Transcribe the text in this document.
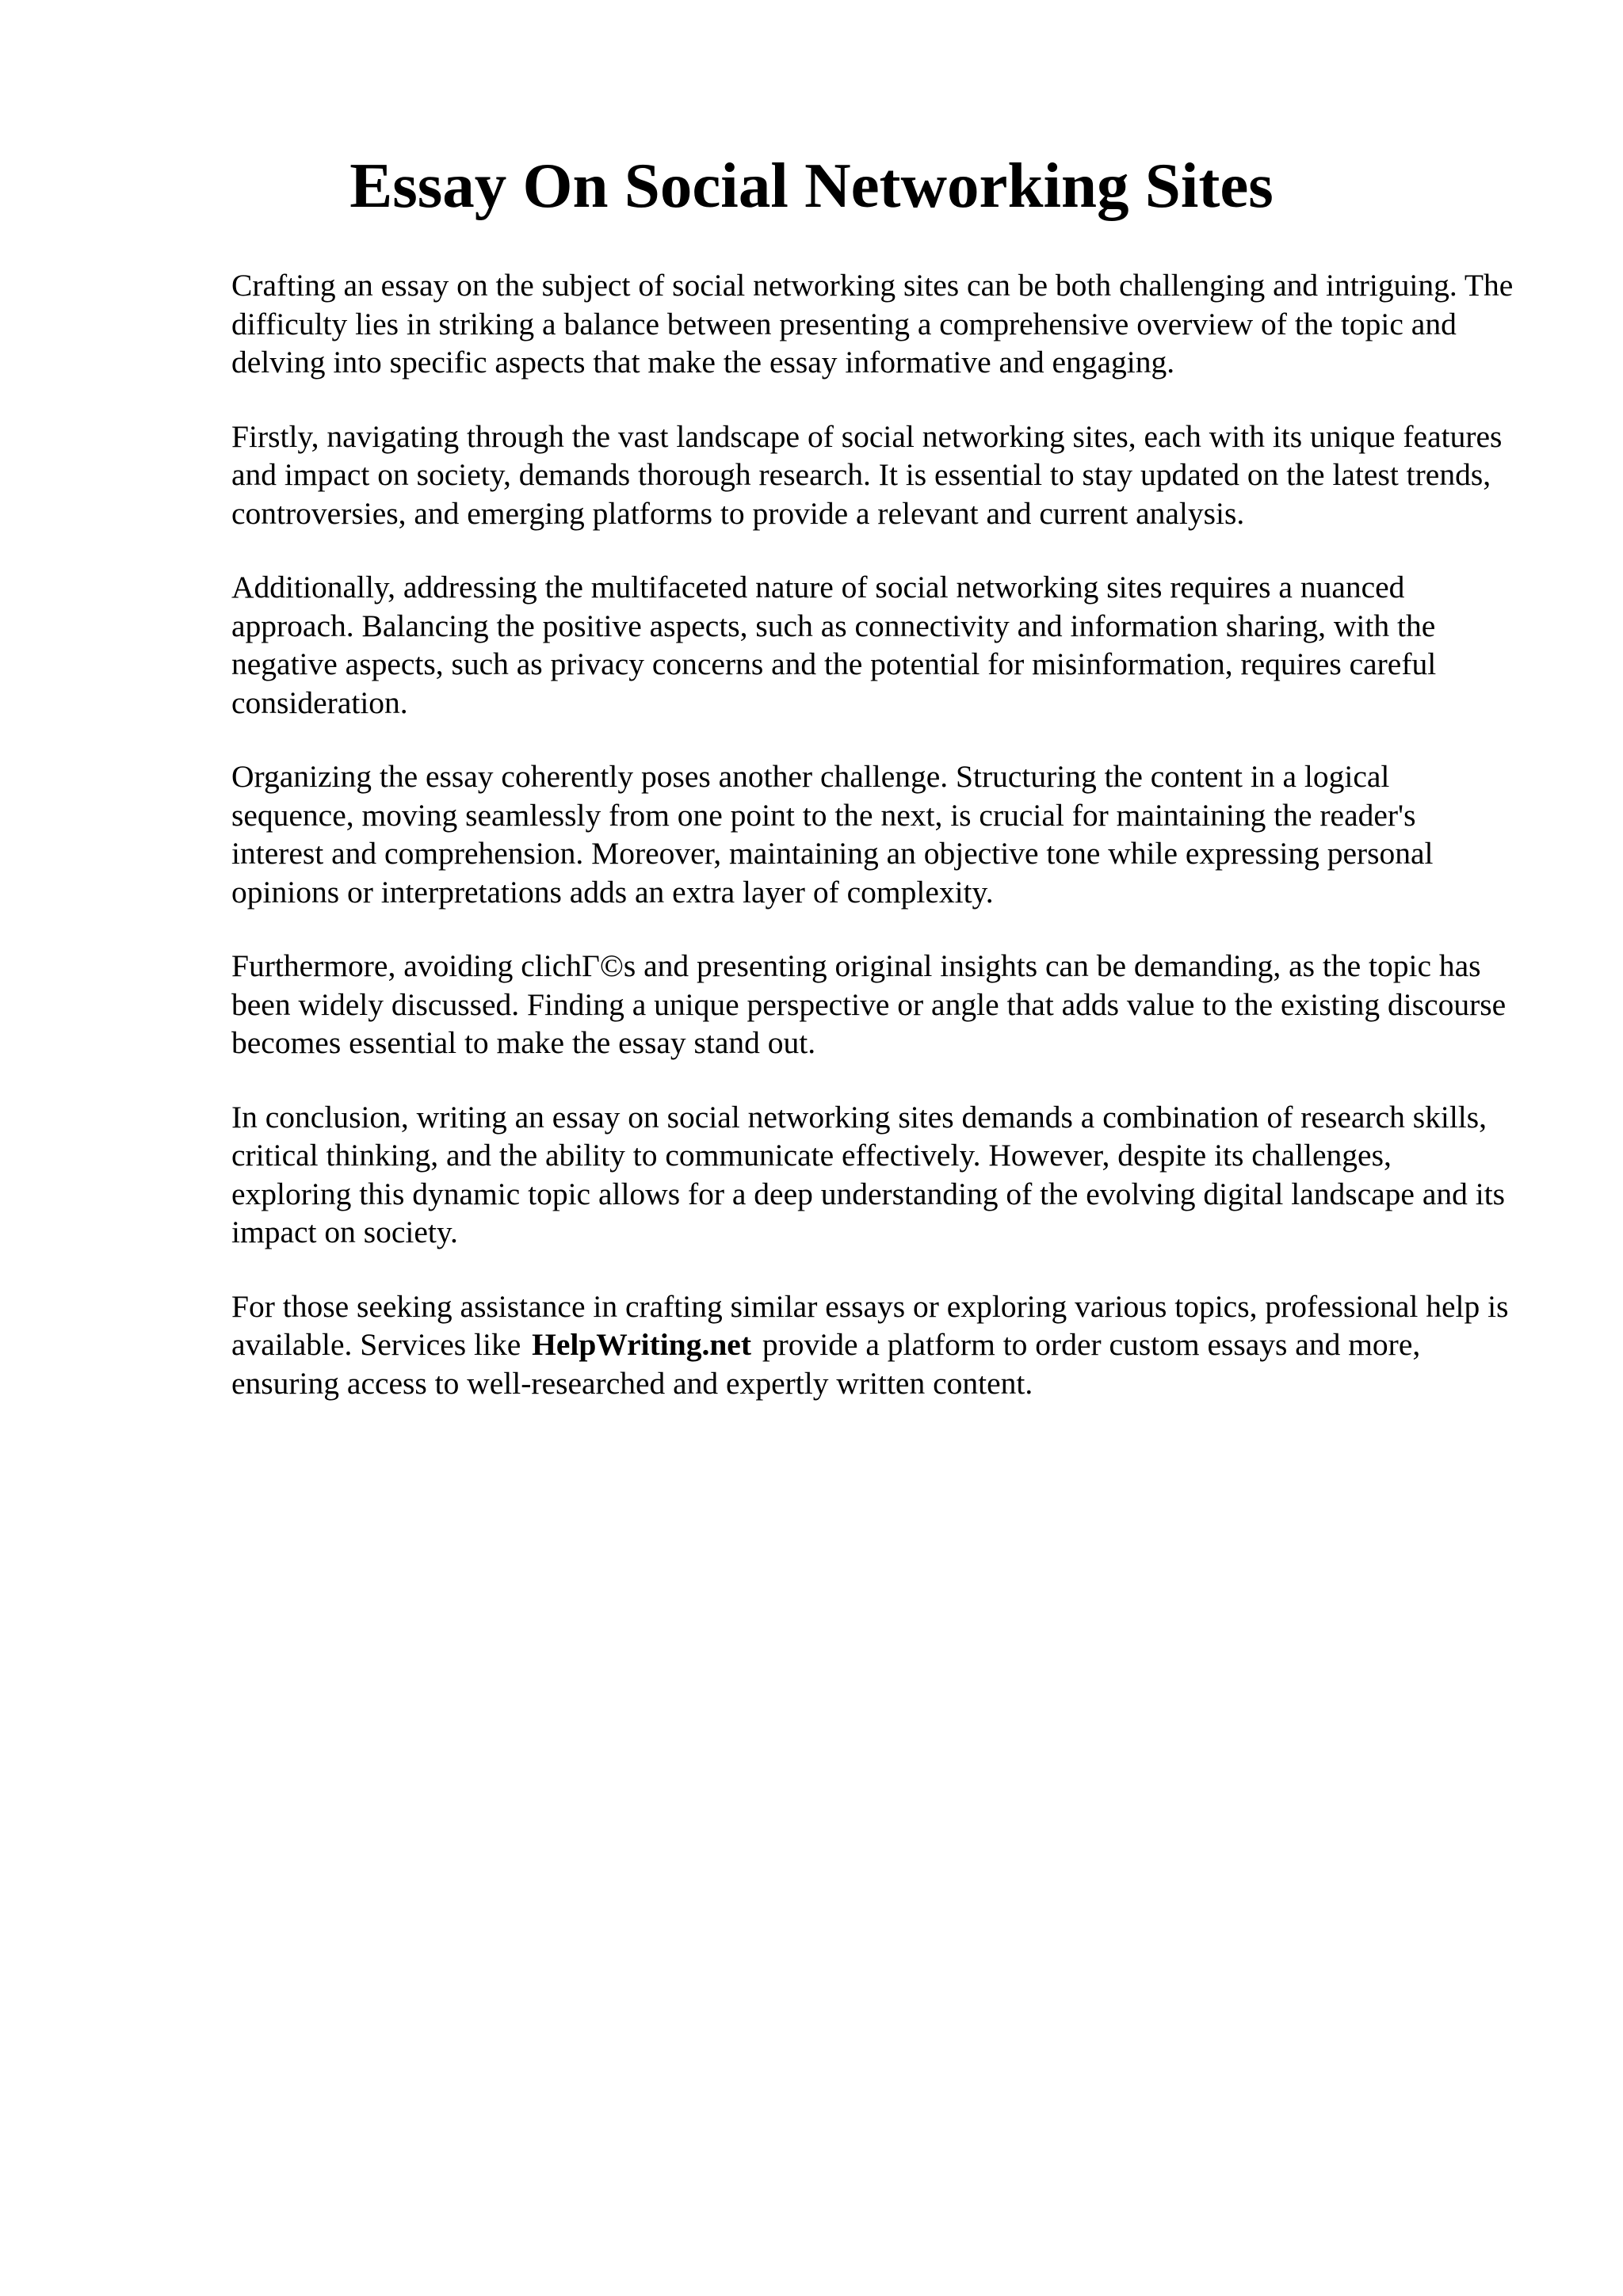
Essay On Social Networking Sites

Crafting an essay on the subject of social networking sites can be both challenging and intriguing. The difficulty lies in striking a balance between presenting a comprehensive overview of the topic and delving into specific aspects that make the essay informative and engaging.

Firstly, navigating through the vast landscape of social networking sites, each with its unique features and impact on society, demands thorough research. It is essential to stay updated on the latest trends, controversies, and emerging platforms to provide a relevant and current analysis.

Additionally, addressing the multifaceted nature of social networking sites requires a nuanced approach. Balancing the positive aspects, such as connectivity and information sharing, with the negative aspects, such as privacy concerns and the potential for misinformation, requires careful consideration.

Organizing the essay coherently poses another challenge. Structuring the content in a logical sequence, moving seamlessly from one point to the next, is crucial for maintaining the reader's interest and comprehension. Moreover, maintaining an objective tone while expressing personal opinions or interpretations adds an extra layer of complexity.

Furthermore, avoiding clichГ©s and presenting original insights can be demanding, as the topic has been widely discussed. Finding a unique perspective or angle that adds value to the existing discourse becomes essential to make the essay stand out.

In conclusion, writing an essay on social networking sites demands a combination of research skills, critical thinking, and the ability to communicate effectively. However, despite its challenges, exploring this dynamic topic allows for a deep understanding of the evolving digital landscape and its impact on society.

For those seeking assistance in crafting similar essays or exploring various topics, professional help is available. Services like HelpWriting.net provide a platform to order custom essays and more, ensuring access to well-researched and expertly written content.
